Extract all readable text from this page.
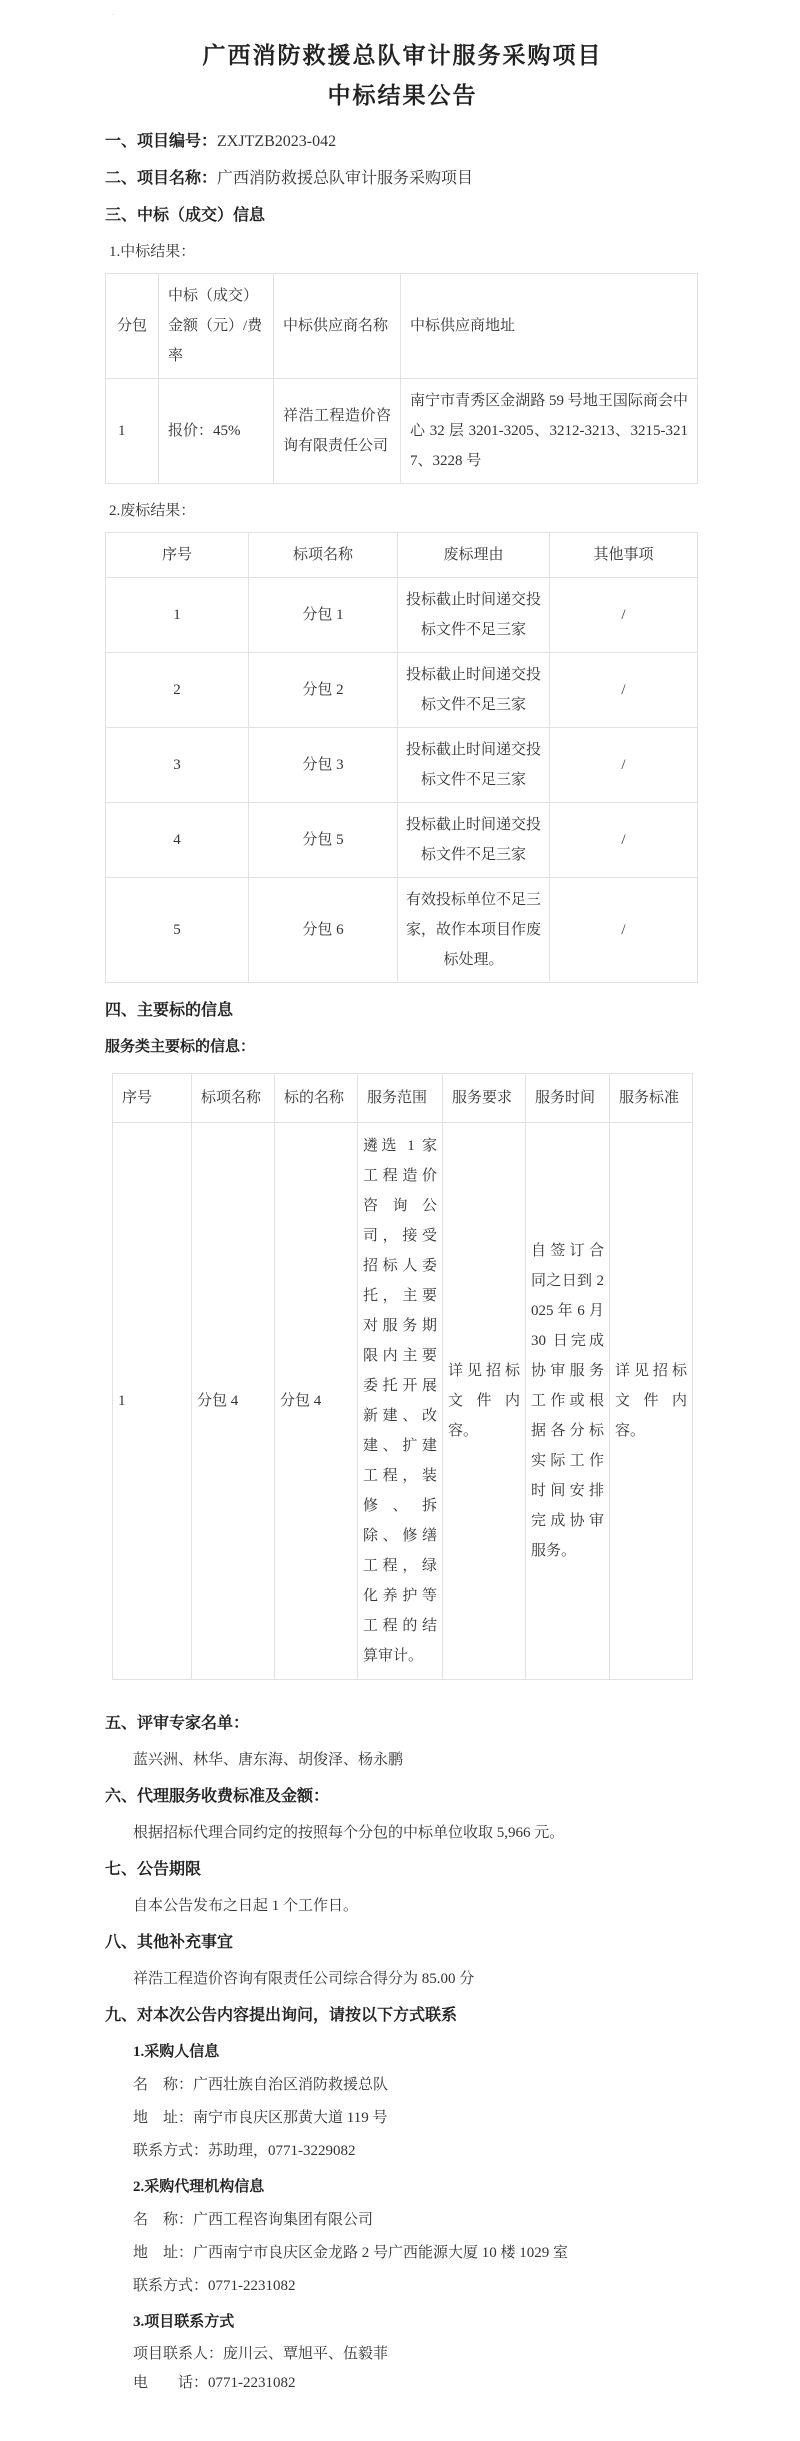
.
广西消防救援总队审计服务采购项目
中标结果公告

一、项目编号：ZXJTZB2023-042

二、项目名称：广西消防救援总队审计服务采购项目

三、中标（成交）信息

1.中标结果：

分包	中标（成交）金额（元）/费率	中标供应商名称	中标供应商地址
1	报价：45%	祥浩工程造价咨询有限责任公司	南宁市青秀区金湖路 59 号地王国际商会中心 32 层 3201-3205、3212-3213、3215-3217、3228 号

2.废标结果：

序号	标项名称	废标理由	其他事项
1	分包 1	投标截止时间递交投标文件不足三家	/
2	分包 2	投标截止时间递交投标文件不足三家	/
3	分包 3	投标截止时间递交投标文件不足三家	/
4	分包 5	投标截止时间递交投标文件不足三家	/
5	分包 6	有效投标单位不足三家，故作本项目作废标处理。	/

四、主要标的信息

服务类主要标的信息：

序号	标项名称	标的名称	服务范围	服务要求	服务时间	服务标准
1	分包 4	分包 4	遴选 1 家工程造价咨询公司，接受招标人委托，主要对服务期限内主要委托开展新建、改建、扩建工程，装修、拆除、修缮工程，绿化养护等工程的结算审计。	详见招标文件内容。	自签订合同之日到 2025 年 6 月 30 日完成协审服务工作或根据各分标实际工作时间安排完成协审服务。	详见招标文件内容。

五、评审专家名单：

蓝兴洲、林华、唐东海、胡俊泽、杨永鹏

六、代理服务收费标准及金额：

根据招标代理合同约定的按照每个分包的中标单位收取 5,966 元。

七、公告期限

自本公告发布之日起 1 个工作日。

八、其他补充事宜

祥浩工程造价咨询有限责任公司综合得分为 85.00 分

九、对本次公告内容提出询问，请按以下方式联系

1.采购人信息

名　称：广西壮族自治区消防救援总队

地　址：南宁市良庆区那黄大道 119 号

联系方式：苏助理，0771-3229082

2.采购代理机构信息

名　称：广西工程咨询集团有限公司

地　址：广西南宁市良庆区金龙路 2 号广西能源大厦 10 楼 1029 室

联系方式：0771-2231082

3.项目联系方式

项目联系人：庞川云、覃旭平、伍毅菲

电　　话：0771-2231082
